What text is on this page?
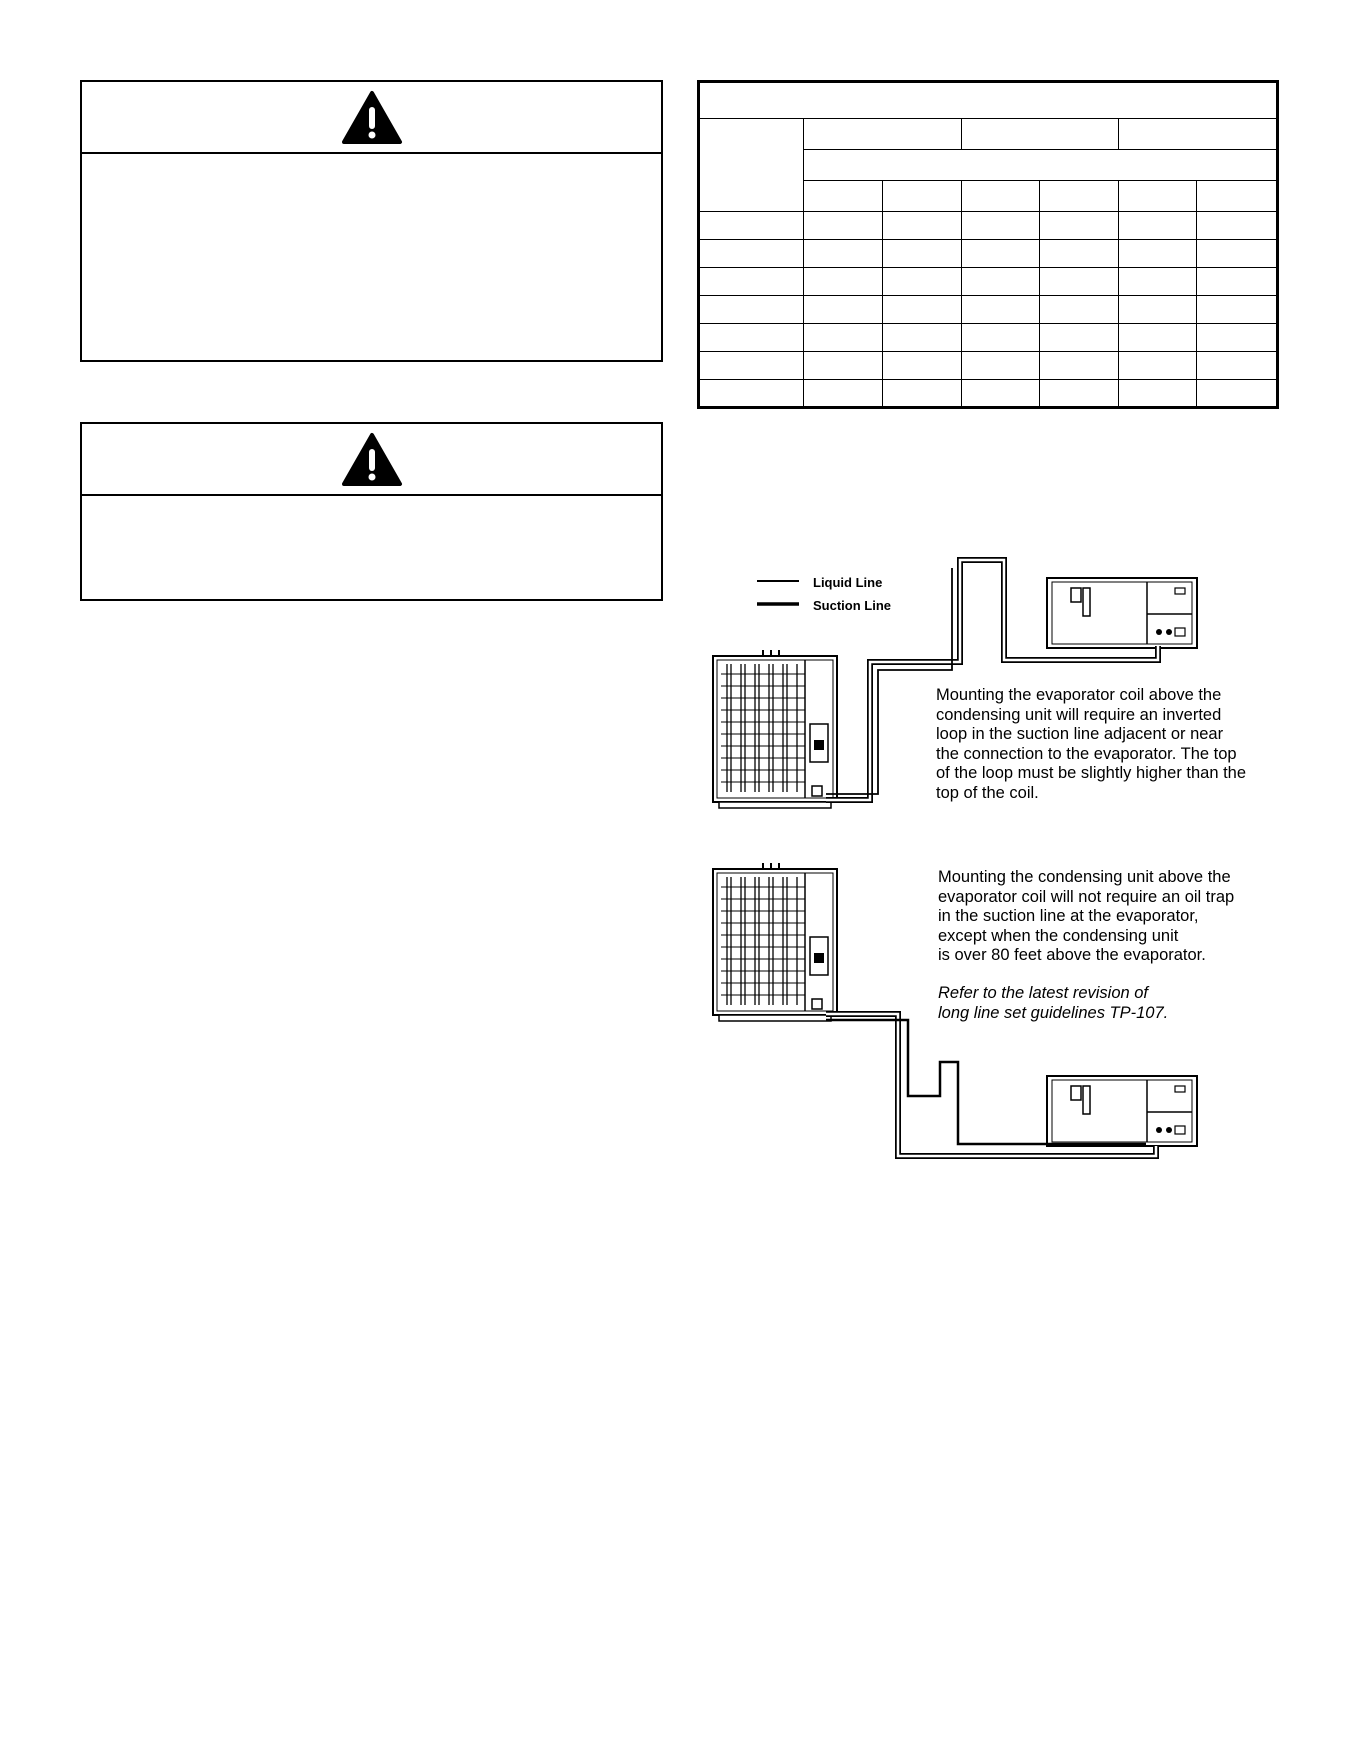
Liquid Line
Suction Line
Mounting the evaporator coil above the
condensing unit will require an inverted
loop in the suction line adjacent or near
the connection to the evaporator. The top
of the loop must be slightly higher than the
top of the coil.
Mounting the condensing unit above the
evaporator coil will not require an oil trap
in the suction line at the evaporator,
except when the condensing unit
is over 80 feet above the evaporator.
Refer to the latest revision of
long line set guidelines TP-107.
